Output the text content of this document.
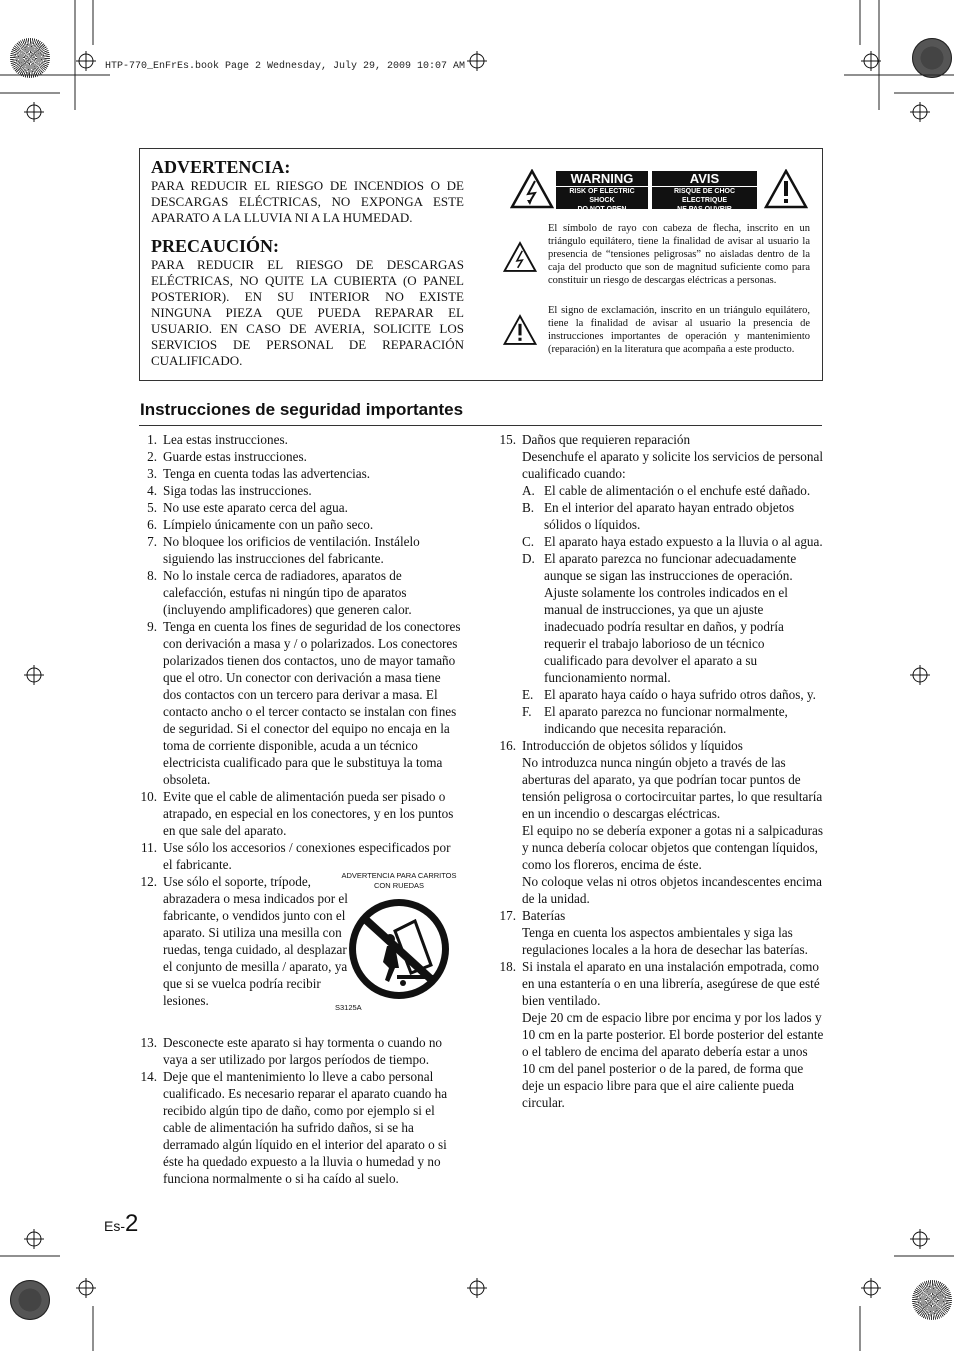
HTP-770_EnFrEs.book Page 2 Wednesday, July 29, 2009 10:07 AM
ADVERTENCIA:

PARA REDUCIR EL RIESGO DE INCENDIOS O DE DESCARGAS ELÉCTRICAS, NO EXPONGA ESTE APARATO A LA LLUVIA NI A LA HUMEDAD.

PRECAUCIÓN:

PARA REDUCIR EL RIESGO DE DESCARGAS ELÉCTRICAS, NO QUITE LA CUBIERTA (O PANEL POSTERIOR). EN SU INTERIOR NO EXISTE NINGUNA PIEZA QUE PUEDA REPARAR EL USUARIO. EN CASO DE AVERIA, SOLICITE LOS SERVICIOS DE PERSONAL DE REPARACIÓN CUALIFICADO.

WARNING
RISK OF ELECTRIC SHOCK
DO NOT OPEN
AVIS
RISQUE DE CHOC ELECTRIQUE
NE PAS OUVRIR

El símbolo de rayo con cabeza de flecha, inscrito en un triángulo equilátero, tiene la finalidad de avisar al usuario la presencia de “tensiones peligrosas” no aisladas dentro de la caja del producto que son de magnitud suficiente como para constituir un riesgo de descargas eléctricas a personas.

El signo de exclamación, inscrito en un triángulo equilátero, tiene la finalidad de avisar al usuario la presencia de instrucciones importantes de operación y mantenimiento (reparación) en la literatura que acompaña a este producto.

Instrucciones de seguridad importantes
1. Lea estas instrucciones.
2. Guarde estas instrucciones.
3. Tenga en cuenta todas las advertencias.
4. Siga todas las instrucciones.
5. No use este aparato cerca del agua.
6. Límpielo únicamente con un paño seco.
7. No bloquee los orificios de ventilación. Instálelo siguiendo las instrucciones del fabricante.
8. No lo instale cerca de radiadores, aparatos de calefacción, estufas ni ningún tipo de aparatos (incluyendo amplificadores) que generen calor.
9. Tenga en cuenta los fines de seguridad de los conectores con derivación a masa y / o polarizados. Los conectores polarizados tienen dos contactos, uno de mayor tamaño que el otro. Un conector con derivación a masa tiene dos contactos con un tercero para derivar a masa. El contacto ancho o el tercer contacto se instalan con fines de seguridad. Si el conector del equipo no encaja en la toma de corriente disponible, acuda a un técnico electricista cualificado para que le substituya la toma obsoleta.
10. Evite que el cable de alimentación pueda ser pisado o atrapado, en especial en los conectores, y en los puntos en que sale del aparato.
11. Use sólo los accesorios / conexiones especificados por el fabricante.
12. Use sólo el soporte, trípode, abrazadera o mesa indicados por el fabricante, o vendidos junto con el aparato. Si utiliza una mesilla con ruedas, tenga cuidado, al desplazar el conjunto de mesilla / aparato, ya que si se vuelca podría recibir lesiones.
ADVERTENCIA PARA CARRITOS CON RUEDAS
S3125A
13. Desconecte este aparato si hay tormenta o cuando no vaya a ser utilizado por largos períodos de tiempo.
14. Deje que el mantenimiento lo lleve a cabo personal cualificado. Es necesario reparar el aparato cuando ha recibido algún tipo de daño, como por ejemplo si el cable de alimentación ha sufrido daños, si se ha derramado algún líquido en el interior del aparato o si éste ha quedado expuesto a la lluvia o humedad y no funciona normalmente o si ha caído al suelo.
15. Daños que requieren reparación
Desenchufe el aparato y solicite los servicios de personal cualificado cuando:
A. El cable de alimentación o el enchufe esté dañado.
B. En el interior del aparato hayan entrado objetos sólidos o líquidos.
C. El aparato haya estado expuesto a la lluvia o al agua.
D. El aparato parezca no funcionar adecuadamente aunque se sigan las instrucciones de operación. Ajuste solamente los controles indicados en el manual de instrucciones, ya que un ajuste inadecuado podría resultar en daños, y podría requerir el trabajo laborioso de un técnico cualificado para devolver el aparato a su funcionamiento normal.
E. El aparato haya caído o haya sufrido otros daños, y.
F. El aparato parezca no funcionar normalmente, indicando que necesita reparación.
16. Introducción de objetos sólidos y líquidos

No introduzca nunca ningún objeto a través de las aberturas del aparato, ya que podrían tocar puntos de tensión peligrosa o cortocircuitar partes, lo que resultaría en un incendio o descargas eléctricas.

El equipo no se debería exponer a gotas ni a salpicaduras y nunca debería colocar objetos que contengan líquidos, como los floreros, encima de éste.

No coloque velas ni otros objetos incandescentes encima de la unidad.

17. Baterías

Tenga en cuenta los aspectos ambientales y siga las regulaciones locales a la hora de desechar las baterías.

18. Si instala el aparato en una instalación empotrada, como en una estantería o en una librería, asegúrese de que esté bien ventilado.

Deje 20 cm de espacio libre por encima y por los lados y 10 cm en la parte posterior. El borde posterior del estante o el tablero de encima del aparato debería estar a unos 10 cm del panel posterior o de la pared, de forma que deje un espacio libre para que el aire caliente pueda circular.

Es-2
